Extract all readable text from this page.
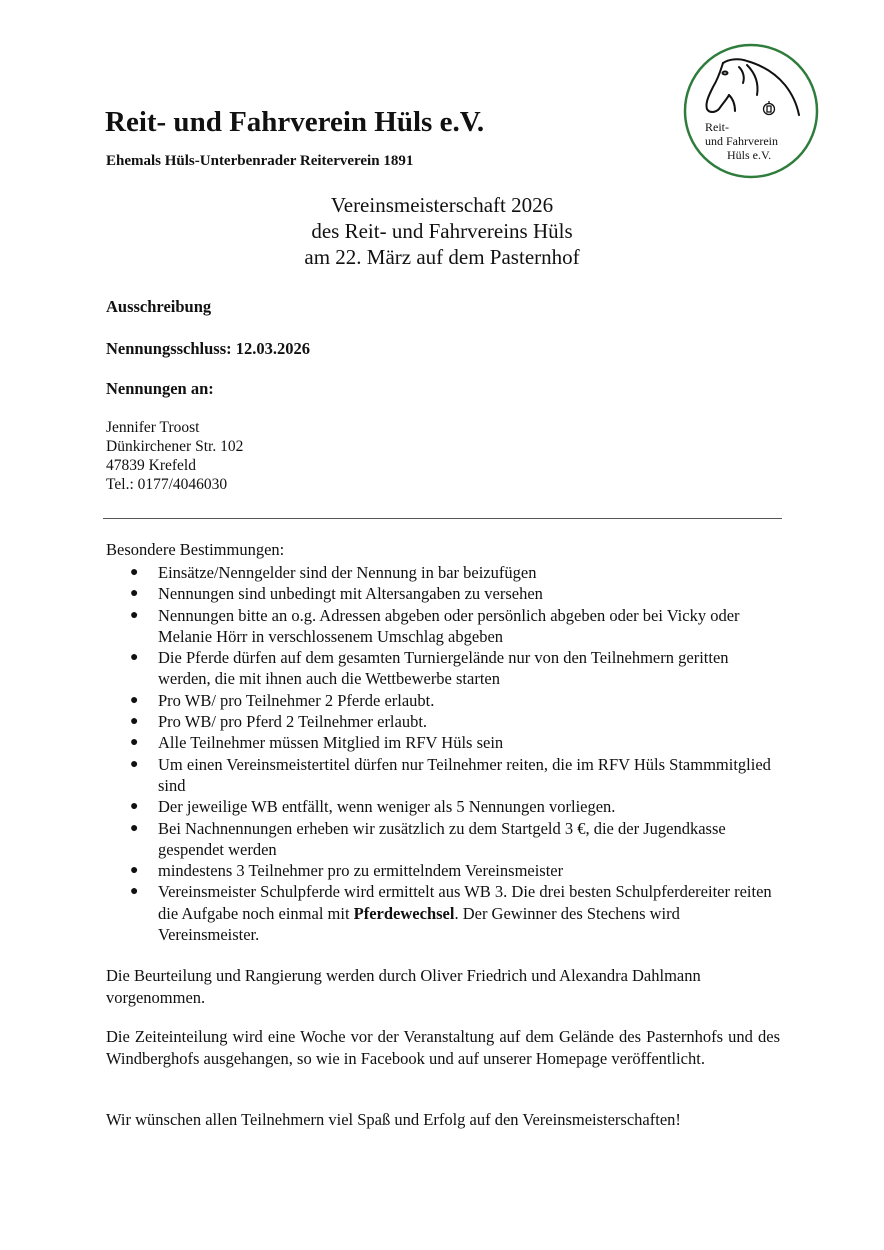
Reit- und Fahrverein Hüls e.V.
Ehemals Hüls-Unterbenrader Reiterverein 1891
Reit-
und Fahrverein
Hüls e.V.
Vereinsmeisterschaft 2026
des Reit- und Fahrvereins Hüls
am 22. März auf dem Pasternhof
Ausschreibung
Nennungsschluss: 12.03.2026
Nennungen an:
Jennifer Troost
Dünkirchener Str. 102
47839 Krefeld
Tel.: 0177/4046030
Besondere Bestimmungen:
● Einsätze/Nenngelder sind der Nennung in bar beizufügen
● Nennungen sind unbedingt mit Altersangaben zu versehen
● Nennungen bitte an o.g. Adressen abgeben oder persönlich abgeben oder bei Vicky oder Melanie Hörr in verschlossenem Umschlag abgeben
● Die Pferde dürfen auf dem gesamten Turniergelände nur von den Teilnehmern geritten werden, die mit ihnen auch die Wettbewerbe starten
● Pro WB/ pro Teilnehmer 2 Pferde erlaubt.
● Pro WB/ pro Pferd 2 Teilnehmer erlaubt.
● Alle Teilnehmer müssen Mitglied im RFV Hüls sein
● Um einen Vereinsmeistertitel dürfen nur Teilnehmer reiten, die im RFV Hüls Stammmitglied sind
● Der jeweilige WB entfällt, wenn weniger als 5 Nennungen vorliegen.
● Bei Nachnennungen erheben wir zusätzlich zu dem Startgeld 3 €, die der Jugendkasse gespendet werden
● mindestens 3 Teilnehmer pro zu ermittelndem Vereinsmeister
● Vereinsmeister Schulpferde wird ermittelt aus WB 3. Die drei besten Schulpferdereiter reiten die Aufgabe noch einmal mit Pferdewechsel. Der Gewinner des Stechens wird Vereinsmeister.
Die Beurteilung und Rangierung werden durch Oliver Friedrich und Alexandra Dahlmann vorgenommen.
Die Zeiteinteilung wird eine Woche vor der Veranstaltung auf dem Gelände des Pasternhofs und des Windberghofs ausgehangen, so wie in Facebook und auf unserer Homepage veröffentlicht.
Wir wünschen allen Teilnehmern viel Spaß und Erfolg auf den Vereinsmeisterschaften!
